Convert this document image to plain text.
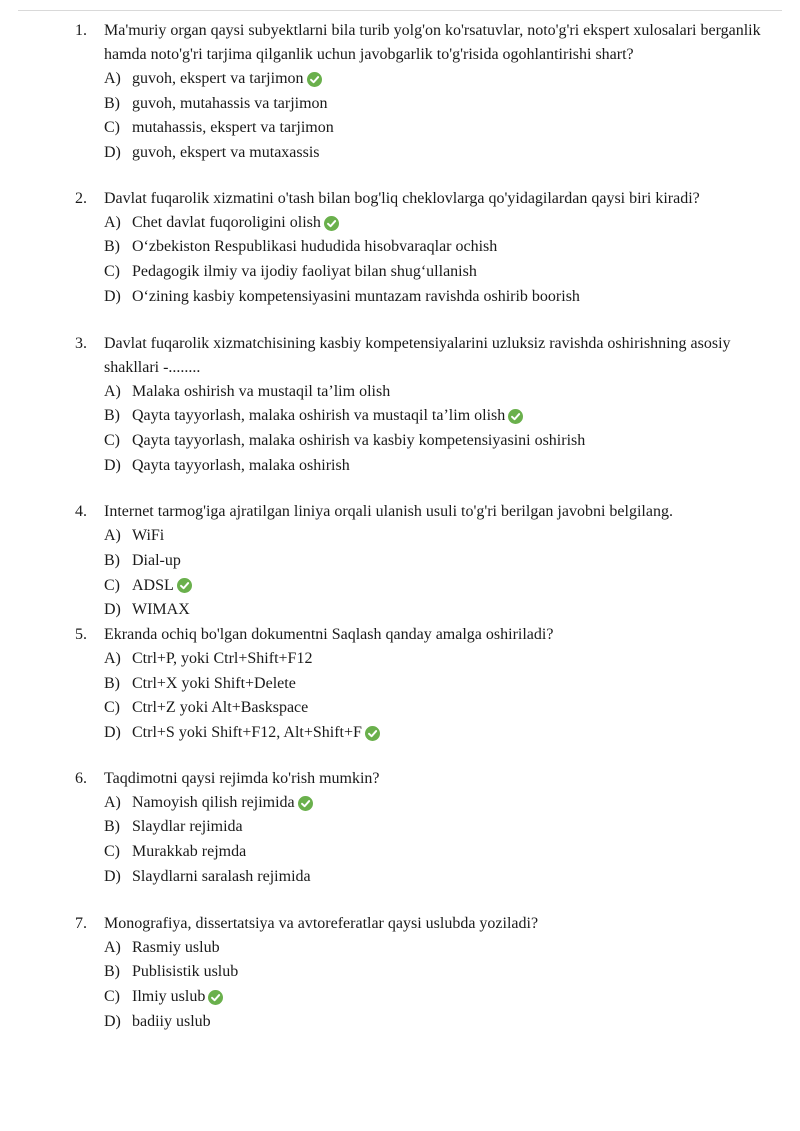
1.	Ma'muriy organ qaysi subyektlarni bila turib yolg'on ko'rsatuvlar, noto'g'ri ekspert xulosalari berganlik hamda noto'g'ri tarjima qilganlik uchun javobgarlik to'g'risida ogohlantirishi shart?
A) guvoh, ekspert va tarjimon
B) guvoh, mutahassis va tarjimon
C) mutahassis, ekspert va tarjimon
D) guvoh, ekspert va mutaxassis
2.	Davlat fuqarolik xizmatini o'tash bilan bog'liq cheklovlarga qo'yidagilardan qaysi biri kiradi?
A) Chet davlat fuqoroligini olish
B) O‘zbekiston Respublikasi hududida hisobvaraqlar ochish
C) Pedagogik ilmiy va ijodiy faoliyat bilan shug‘ullanish
D) O‘zining kasbiy kompetensiyasini muntazam ravishda oshirib boorish
3.	Davlat fuqarolik xizmatchisining kasbiy kompetensiyalarini uzluksiz ravishda oshirishning asosiy shakllari -........
A) Malaka oshirish va mustaqil ta’lim olish
B) Qayta tayyorlash, malaka oshirish va mustaqil ta’lim olish
C) Qayta tayyorlash, malaka oshirish va kasbiy kompetensiyasini oshirish
D) Qayta tayyorlash, malaka oshirish
4.	Internet tarmog'iga ajratilgan liniya orqali ulanish usuli to'g'ri berilgan javobni belgilang.
A) WiFi
B) Dial-up
C) ADSL
D) WIMAX
5.	Ekranda ochiq bo'lgan dokumentni Saqlash qanday amalga oshiriladi?
A) Ctrl+P, yoki Ctrl+Shift+F12
B) Ctrl+X yoki Shift+Delete
C) Ctrl+Z yoki Alt+Baskspace
D) Ctrl+S yoki Shift+F12, Alt+Shift+F
6.	Taqdimotni qaysi rejimda ko'rish mumkin?
A) Namoyish qilish rejimida
B) Slaydlar rejimida
C) Murakkab rejmda
D) Slaydlarni saralash rejimida
7.	Monografiya, dissertatsiya va avtoreferatlar qaysi uslubda yoziladi?
A) Rasmiy uslub
B) Publisistik uslub
C) Ilmiy uslub
D) badiiy uslub
